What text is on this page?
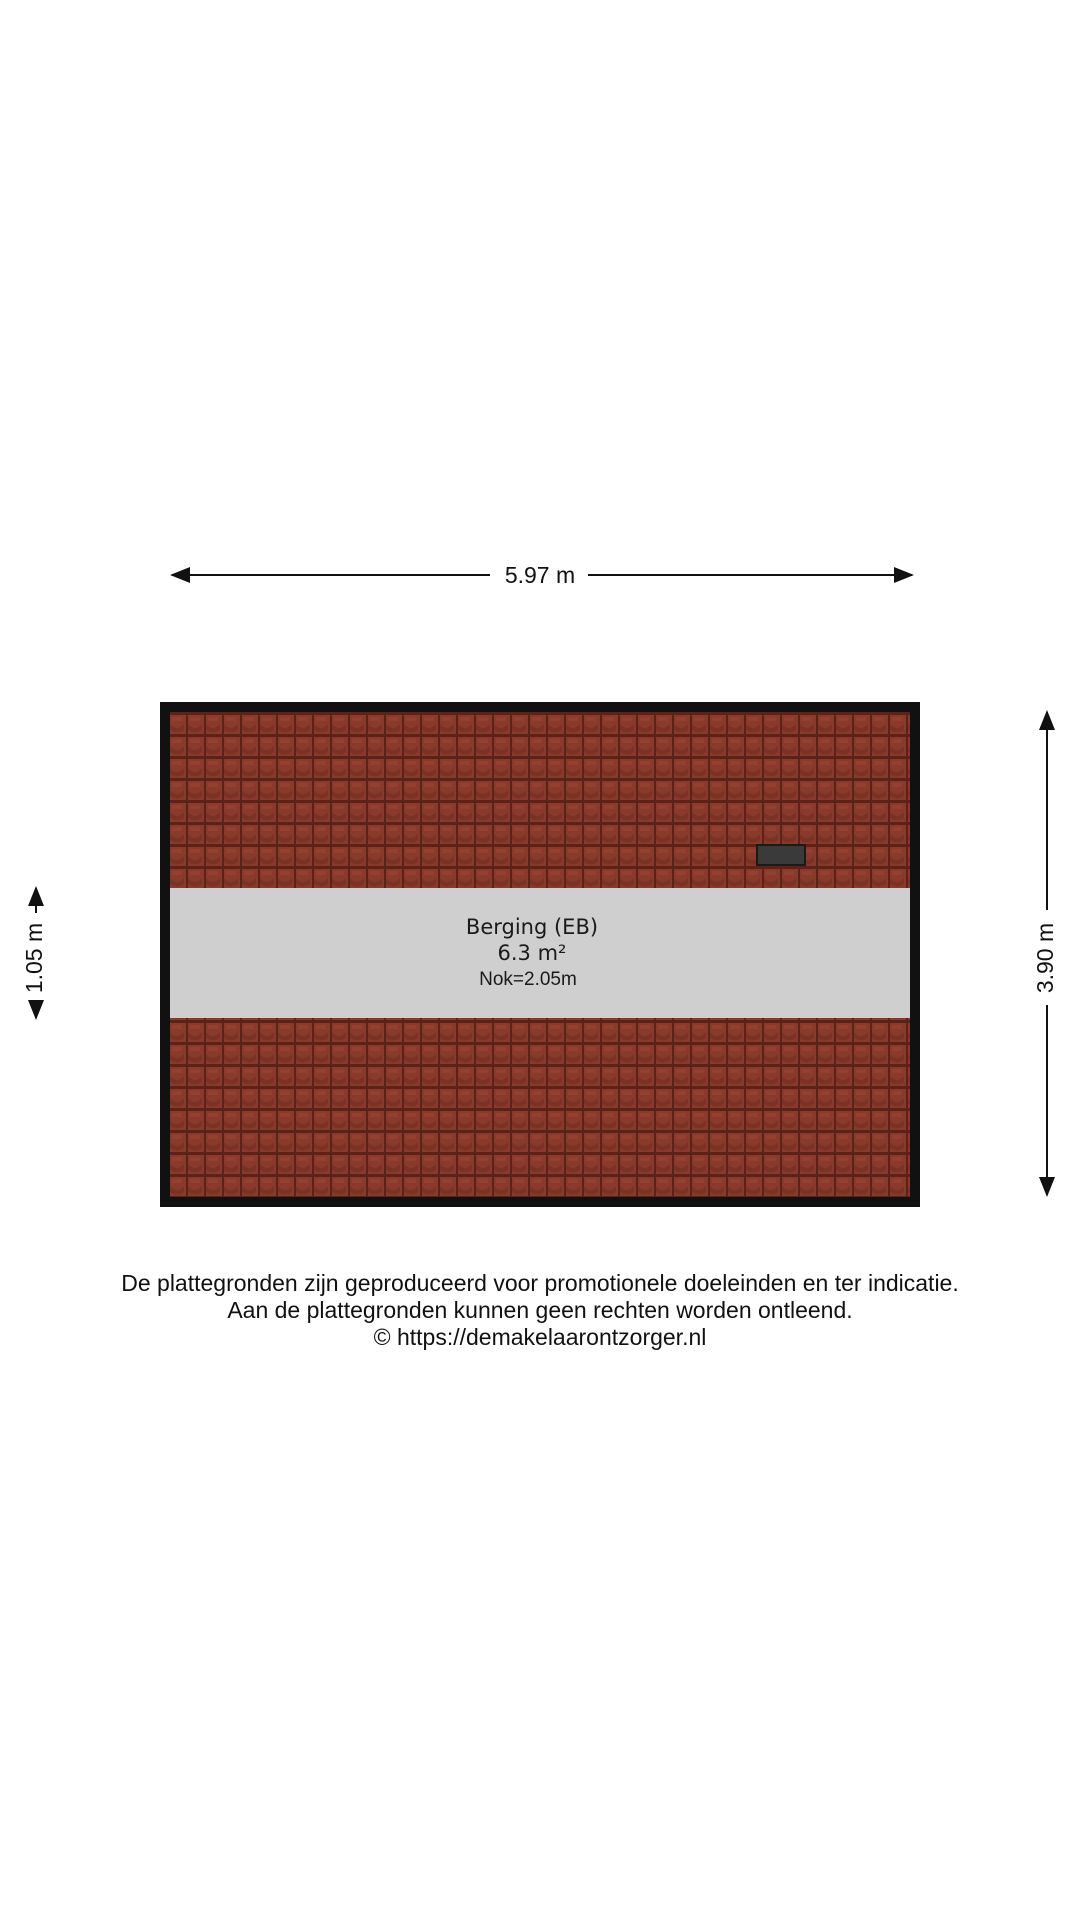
5.97 m
3.90 m
1.05 m	Berging (EB)
6.3 m²
Nok=2.05m
De plattegronden zijn geproduceerd voor promotionele doeleinden en ter indicatie.
Aan de plattegronden kunnen geen rechten worden ontleend.
© https://demakelaarontzorger.nl
